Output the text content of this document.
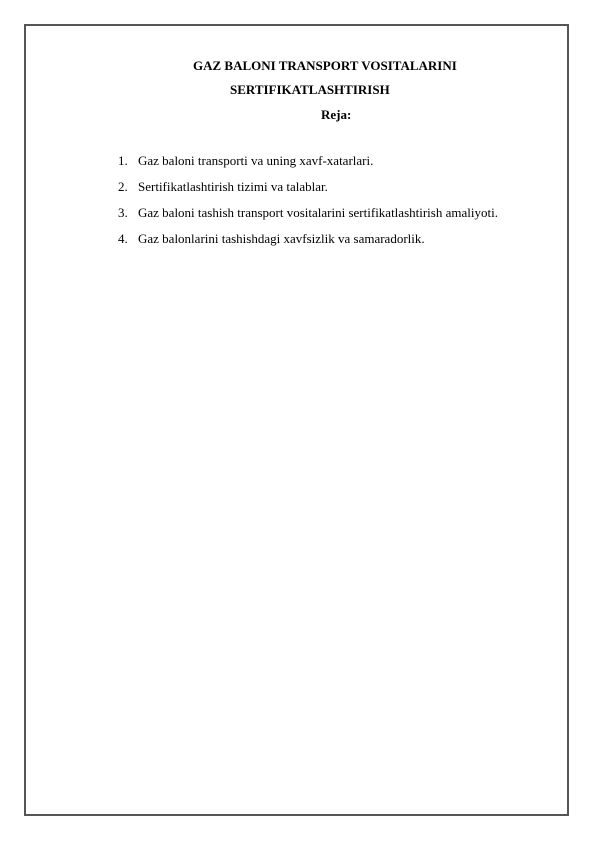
GAZ BALONI TRANSPORT VOSITALARINI
SERTIFIKATLASHTIRISH
Reja:
1. Gaz baloni transporti va uning xavf-xatarlari.
2. Sertifikatlashtirish tizimi va talablar.
3. Gaz baloni tashish transport vositalarini sertifikatlashtirish amaliyoti.
4. Gaz balonlarini tashishdagi xavfsizlik va samaradorlik.
